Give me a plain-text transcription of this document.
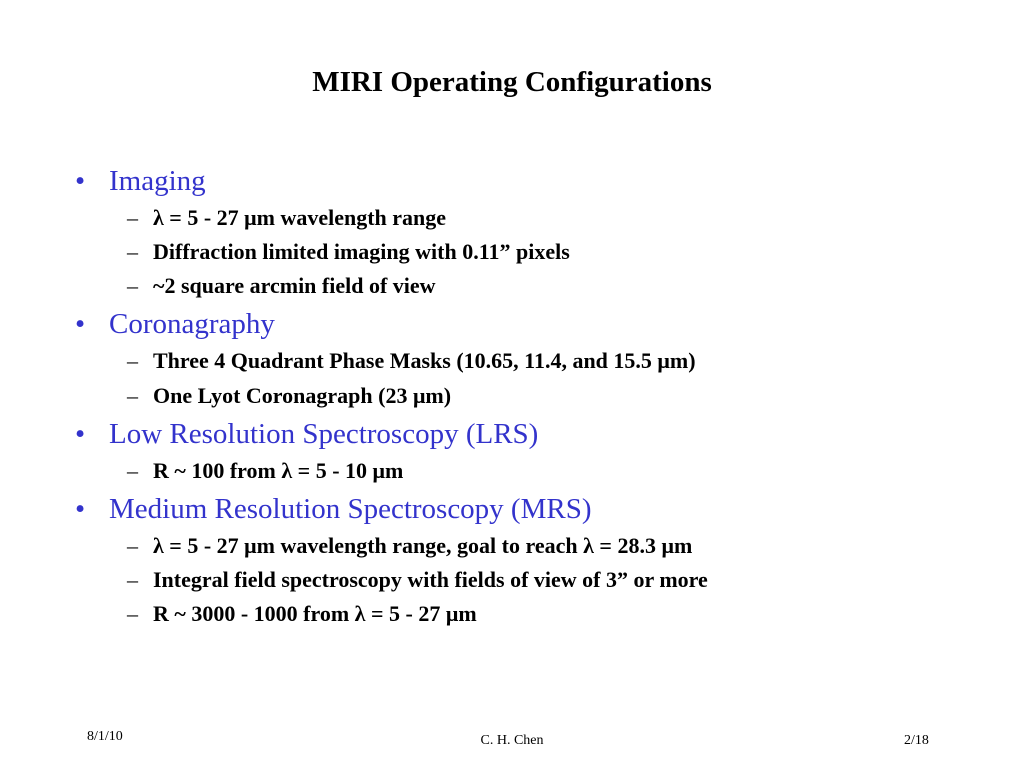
MIRI Operating Configurations
• Imaging
– λ = 5 - 27 μm wavelength range
– Diffraction limited imaging with 0.11” pixels
– ~2 square arcmin field of view
• Coronagraphy
– Three 4 Quadrant Phase Masks (10.65, 11.4, and 15.5 μm)
– One Lyot Coronagraph (23 μm)
• Low Resolution Spectroscopy (LRS)
– R ~ 100 from λ = 5 - 10 μm
• Medium Resolution Spectroscopy (MRS)
– λ = 5 - 27 μm wavelength range, goal to reach λ = 28.3 μm
– Integral field spectroscopy with fields of view of 3” or more
– R ~ 3000 - 1000 from λ = 5 - 27 μm
8/1/10	C. H. Chen	2/18
